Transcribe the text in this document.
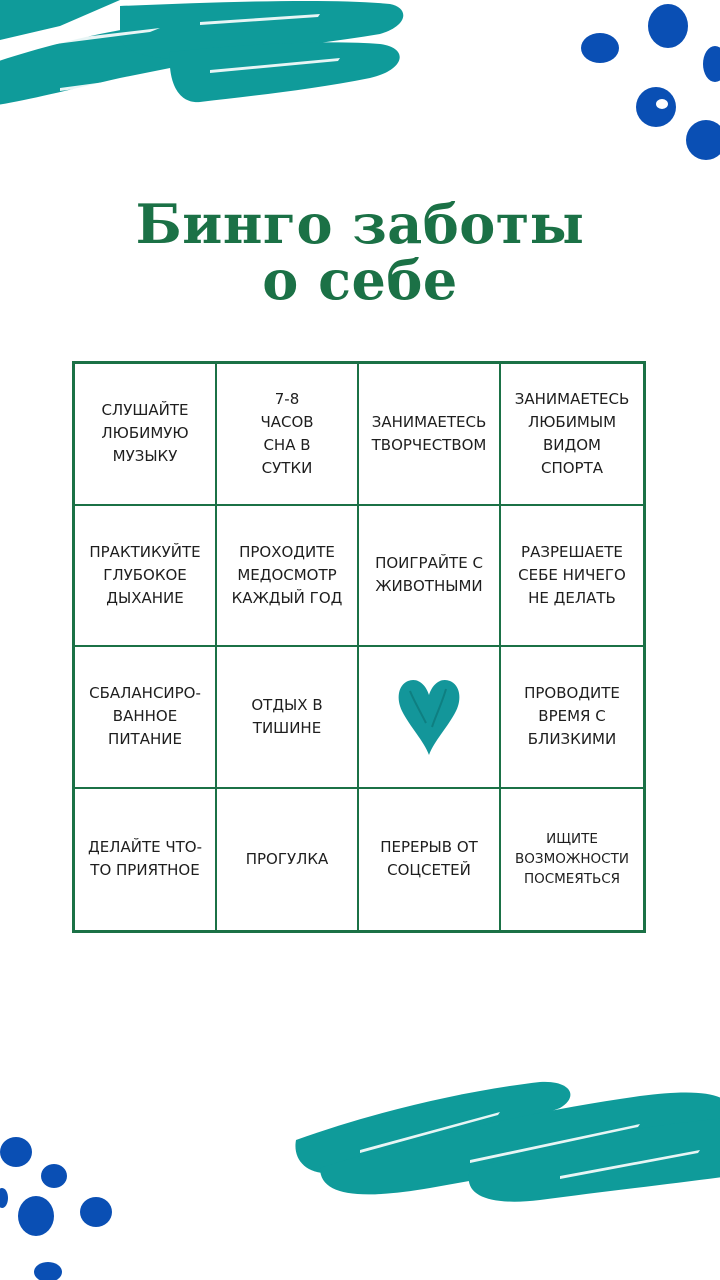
Бинго заботы
о себе
СЛУШАЙТЕ
ЛЮБИМУЮ
МУЗЫКУ
7-8
ЧАСОВ
СНА В
СУТКИ
ЗАНИМАЕТЕСЬ
ТВОРЧЕСТВОМ
ЗАНИМАЕТЕСЬ
ЛЮБИМЫМ
ВИДОМ
СПОРТА
ПРАКТИКУЙТЕ
ГЛУБОКОЕ
ДЫХАНИЕ
ПРОХОДИТЕ
МЕДОСМОТР
КАЖДЫЙ ГОД
ПОИГРАЙТЕ С
ЖИВОТНЫМИ
РАЗРЕШАЕТЕ
СЕБЕ НИЧЕГО
НЕ ДЕЛАТЬ
СБАЛАНСИРО-
ВАННОЕ
ПИТАНИЕ
ОТДЫХ В
ТИШИНЕ
ПРОВОДИТЕ
ВРЕМЯ С
БЛИЗКИМИ
ДЕЛАЙТЕ ЧТО-
ТО ПРИЯТНОЕ
ПРОГУЛКА
ПЕРЕРЫВ ОТ
СОЦСЕТЕЙ
ИЩИТЕ
ВОЗМОЖНОСТИ
ПОСМЕЯТЬСЯ
